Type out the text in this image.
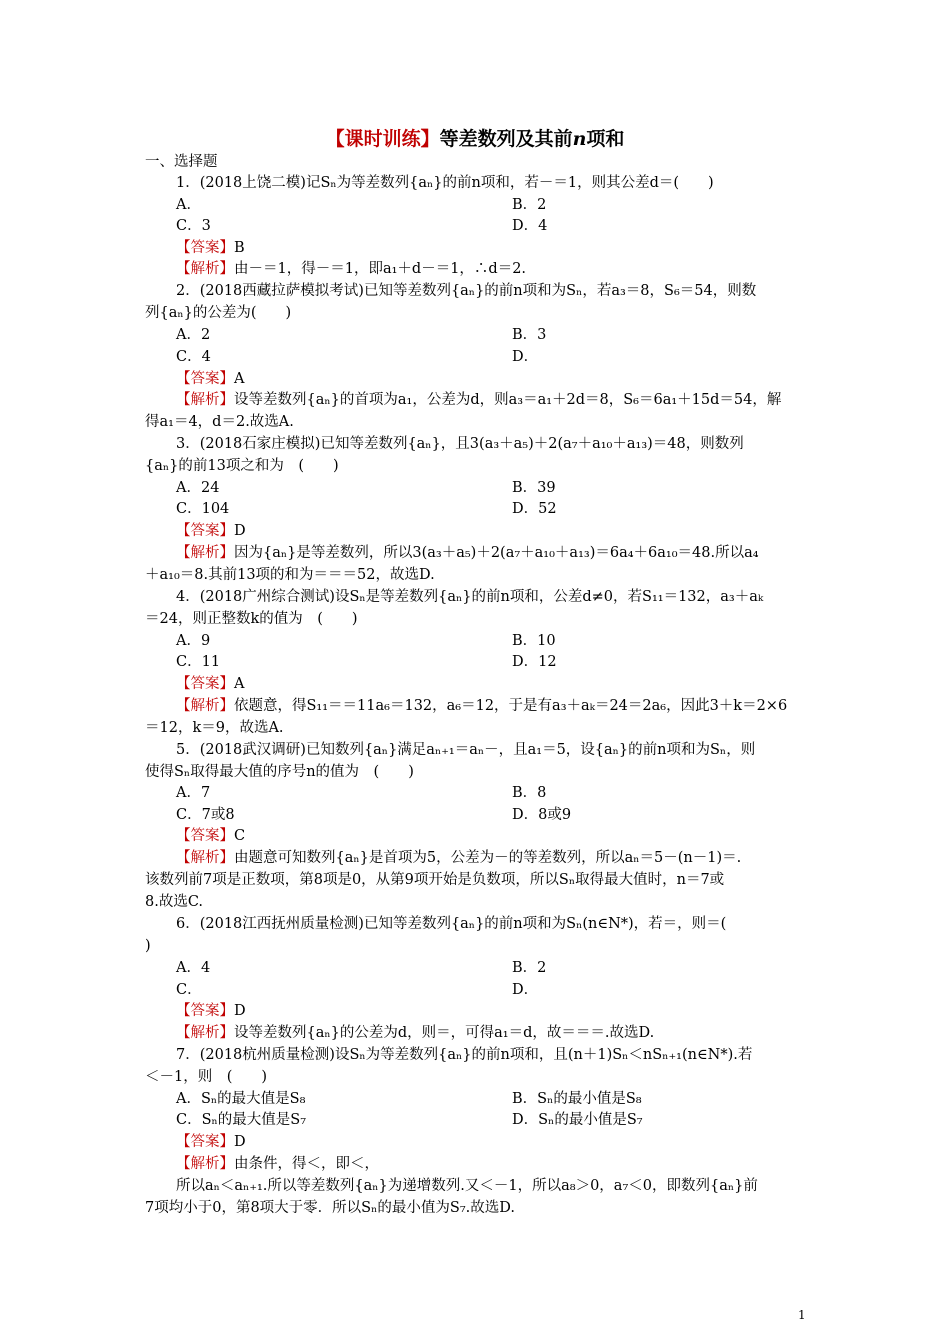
【课时训练】等差数列及其前n项和
一、选择题
1．(2018上饶二模)记Sₙ为等差数列{aₙ}的前n项和，若－＝1，则其公差d＝(　　)
A．	B．2
C．3	D．4
【答案】B
【解析】由－＝1，得－＝1，即a₁＋d－＝1，∴d＝2.
2．(2018西藏拉萨模拟考试)已知等差数列{aₙ}的前n项和为Sₙ，若a₃＝8，S₆＝54，则数
列{aₙ}的公差为(　　)
A．2	B．3
C．4	D．
【答案】A
【解析】设等差数列{aₙ}的首项为a₁，公差为d，则a₃＝a₁＋2d＝8，S₆＝6a₁＋15d＝54，解
得a₁＝4，d＝2.故选A.
3．(2018石家庄模拟)已知等差数列{aₙ}，且3(a₃＋a₅)＋2(a₇＋a₁₀＋a₁₃)＝48，则数列
{aₙ}的前13项之和为　(　　)
A．24	B．39
C．104	D．52
【答案】D
【解析】因为{aₙ}是等差数列，所以3(a₃＋a₅)＋2(a₇＋a₁₀＋a₁₃)＝6a₄＋6a₁₀＝48.所以a₄
＋a₁₀＝8.其前13项的和为＝＝＝52，故选D.
4．(2018广州综合测试)设Sₙ是等差数列{aₙ}的前n项和，公差d≠0，若S₁₁＝132，a₃＋aₖ
＝24，则正整数k的值为　(　　)
A．9	B．10
C．11	D．12
【答案】A
【解析】依题意，得S₁₁＝＝11a₆＝132，a₆＝12，于是有a₃＋aₖ＝24＝2a₆，因此3＋k＝2×6
＝12，k＝9，故选A.
5．(2018武汉调研)已知数列{aₙ}满足aₙ₊₁＝aₙ－，且a₁＝5，设{aₙ}的前n项和为Sₙ，则
使得Sₙ取得最大值的序号n的值为　(　　)
A．7	B．8
C．7或8	D．8或9
【答案】C
【解析】由题意可知数列{aₙ}是首项为5，公差为－的等差数列，所以aₙ＝5－(n－1)＝.
该数列前7项是正数项，第8项是0，从第9项开始是负数项，所以Sₙ取得最大值时，n＝7或
8.故选C.
6．(2018江西抚州质量检测)已知等差数列{aₙ}的前n项和为Sₙ(n∈N*)，若＝，则＝(
)
A．4	B．2
C．	D．
【答案】D
【解析】设等差数列{aₙ}的公差为d，则＝，可得a₁＝d，故＝＝＝.故选D.
7．(2018杭州质量检测)设Sₙ为等差数列{aₙ}的前n项和，且(n＋1)Sₙ＜nSₙ₊₁(n∈N*).若
＜－1，则　(　　)
A．Sₙ的最大值是S₈	B．Sₙ的最小值是S₈
C．Sₙ的最大值是S₇	D．Sₙ的最小值是S₇
【答案】D
【解析】由条件，得＜，即＜，
所以aₙ＜aₙ₊₁.所以等差数列{aₙ}为递增数列.又＜－1，所以a₈＞0，a₇＜0，即数列{aₙ}前
7项均小于0，第8项大于零．所以Sₙ的最小值为S₇.故选D.
1
